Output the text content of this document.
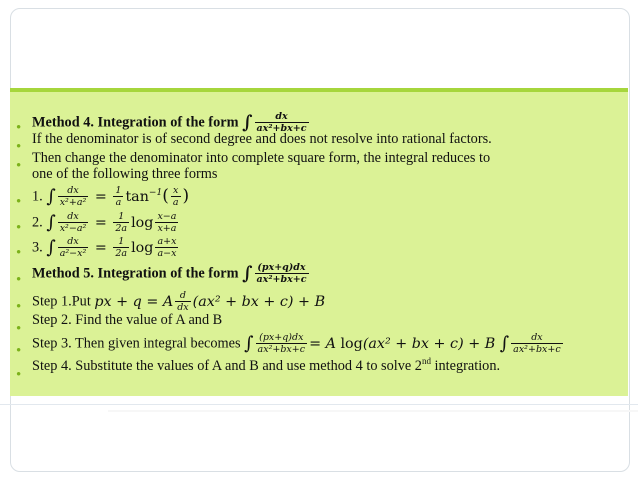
•
Method 4. Integration of the form ∫ $\frac{dx}{\text{ax²+bx+c}}$
•
If the denominator is of second degree and does not resolve into rational factors.
•
Then change the denominator into complete square form, the integral reduces to
one of the following three forms
•
1. ∫ $\frac{dx}{\text{x²+a²}} = \frac{1}{a} \tan^{-1}( \frac{x}{a}$ )
•
2. ∫ $\frac{dx}{\text{x²−a²}} = \frac{1}{2a}$ $\log \frac{x-a}{x+a}$
•
3. ∫ $\frac{dx}{\text{a²−x²}} = \frac{1}{2a}$ $\log \frac{a+x}{a-x}$
•
Method 5. Integration of the form ∫ $\frac{(px+q)dx}{\text{ax²+bx+c}}$
•
Step 1.Put px + q = A $\frac{d}{dx} (ax^2$ + bx + c) + B
•
Step 2. Find the value of A and B
•
Step 3. Then given integral becomes ∫ $\frac{(px+q)dx}{\text{ax²+bx+c}} = A$ log(ax² + bx + c) + B ∫ $\frac{dx}{\text{ax²+bx+c}}$
•
Step 4. Substitute the values of A and B and use method 4 to solve 2nd integration.
